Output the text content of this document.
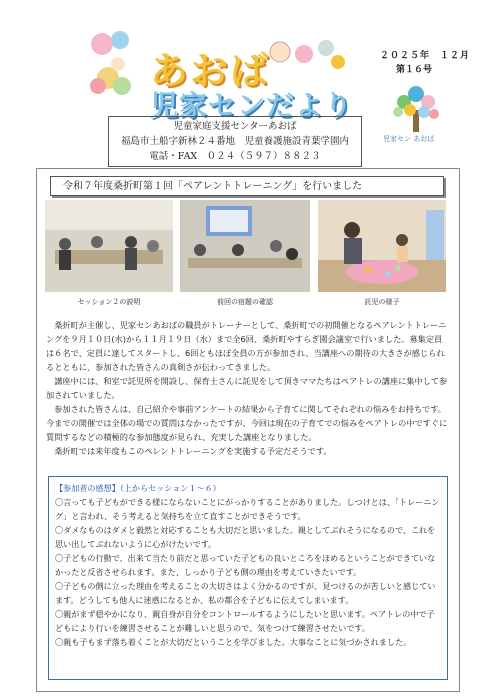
あおば
児家センだより
２０２５年　１２月
第１６号
児家セン あおば
児童家庭支援センターあおば
福島市土船字新林２４番地　児童養護施設青葉学園内
電話・FAX　０２４（５９７）８８２３
令和７年度桑折町第１回「ペアレントトレーニング」を行いました
セッション２の説明	前回の宿題の確認	託児の様子

桑折町が主催し、児家センあおばの職員がトレーナーとして、桑折町での初開催となるペアレントトレーニングを９月１０日(水)から１１月１９日（水）まで全6回、桑折町やすらぎ園会議室で行いました。募集定員は６名で、定員に達してスタートし、6回ともほぼ全員の方が参加され、当講座への期待の大きさが感じられるとともに、参加された皆さんの真剣さが伝わってきました。

講座中には、和室で託児所を開設し、保育士さんに託児をして頂きママたちはペアトレの講座に集中して参加されていました。

参加された皆さんは、自己紹介や事前アンケートの結果から子育てに関してそれぞれの悩みをお持ちです。今までの開催では全体の場での質問はなかったですが、今回は現在の子育てでの悩みをペアトレの中ですぐに質問するなどの積極的な参加態度が見られ、充実した講座となりました。

桑折町では来年度もこのペレントトレーニングを実施する予定だそうです。

【参加者の感想】（上からセッション１～６）
〇言っても子どもができる様にならないことにがっかりすることがありました。しつけとは、「トレーニング」と言われ、そう考えると気持ちを立て直すことができそうです。
〇ダメなものはダメと毅然と対応することも大切だと思いました。親としてぶれそうになるので、これを思い出してぶれないように心がけたいです。
〇子どもの行動で、出来て当たり前だと思っていた子どもの良いところをほめるということができていなかったと反省させられます。また、しっかり子ども側の理由を考えていきたいです。
〇子どもの側に立った理由を考えることの大切さはよく分かるのですが、見つけるのが苦しいと感じています。どうしても他人に迷惑になるとか、私の都合を子どもに伝えてしまいます。
〇親がまず穏やかになり、親自身が自分をコントロールするようにしたいと思います。ペアトレの中で子どもにより行いを練習させることが難しいと思うので、気をつけて練習させたいです。
〇親も子もまず落ち着くことが大切だということを学びました。大事なことに気づかされました。
